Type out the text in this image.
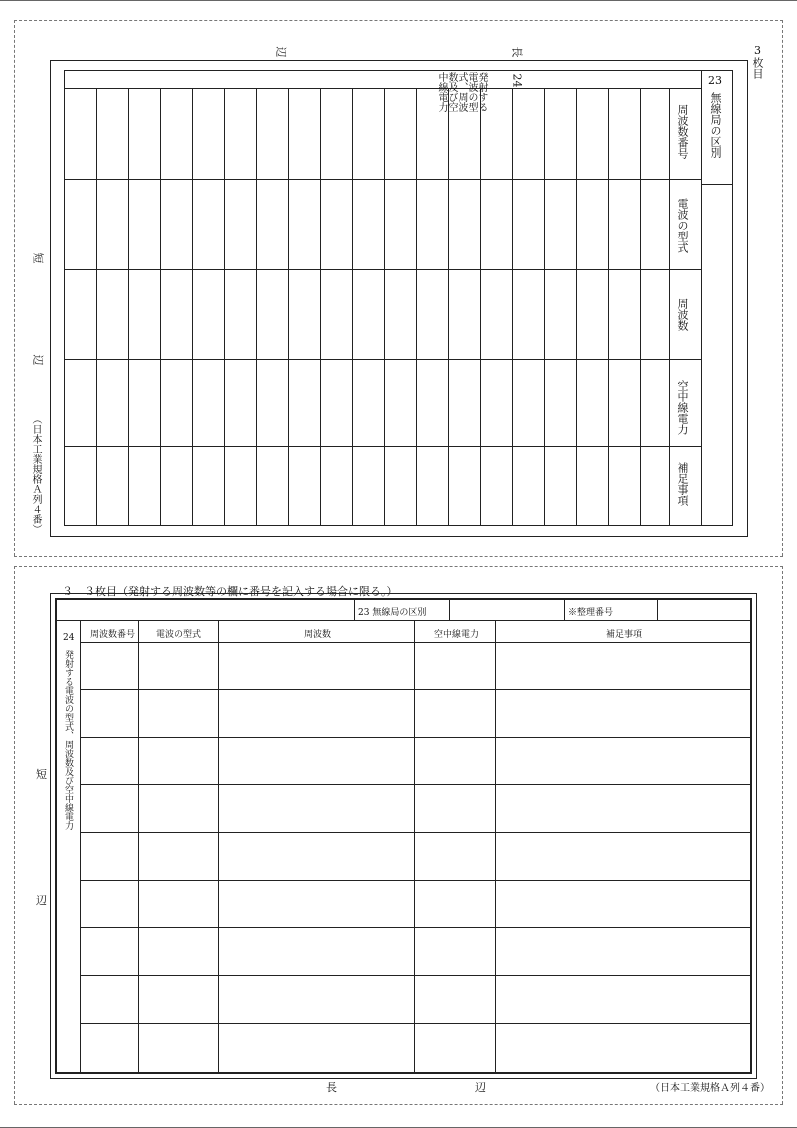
3枚目
辺	長
短
辺
（日本工業規格Ａ列４番）
23
無線局の区別
24
発射する電波の型式、周波数及び空中線電力
周波数番号
電波の型式
周波数
空中線電力
補足事項
３　３枚目（発射する周波数等の欄に番号を記入する場合に限る。）
短
辺
23 無線局の区別	※整理番号
24
発射する電波の型式、周波数及び空中線電力
周波数番号 電波の型式	周波数	空中線電力	補足事項
長	辺	（日本工業規格Ａ列４番）
